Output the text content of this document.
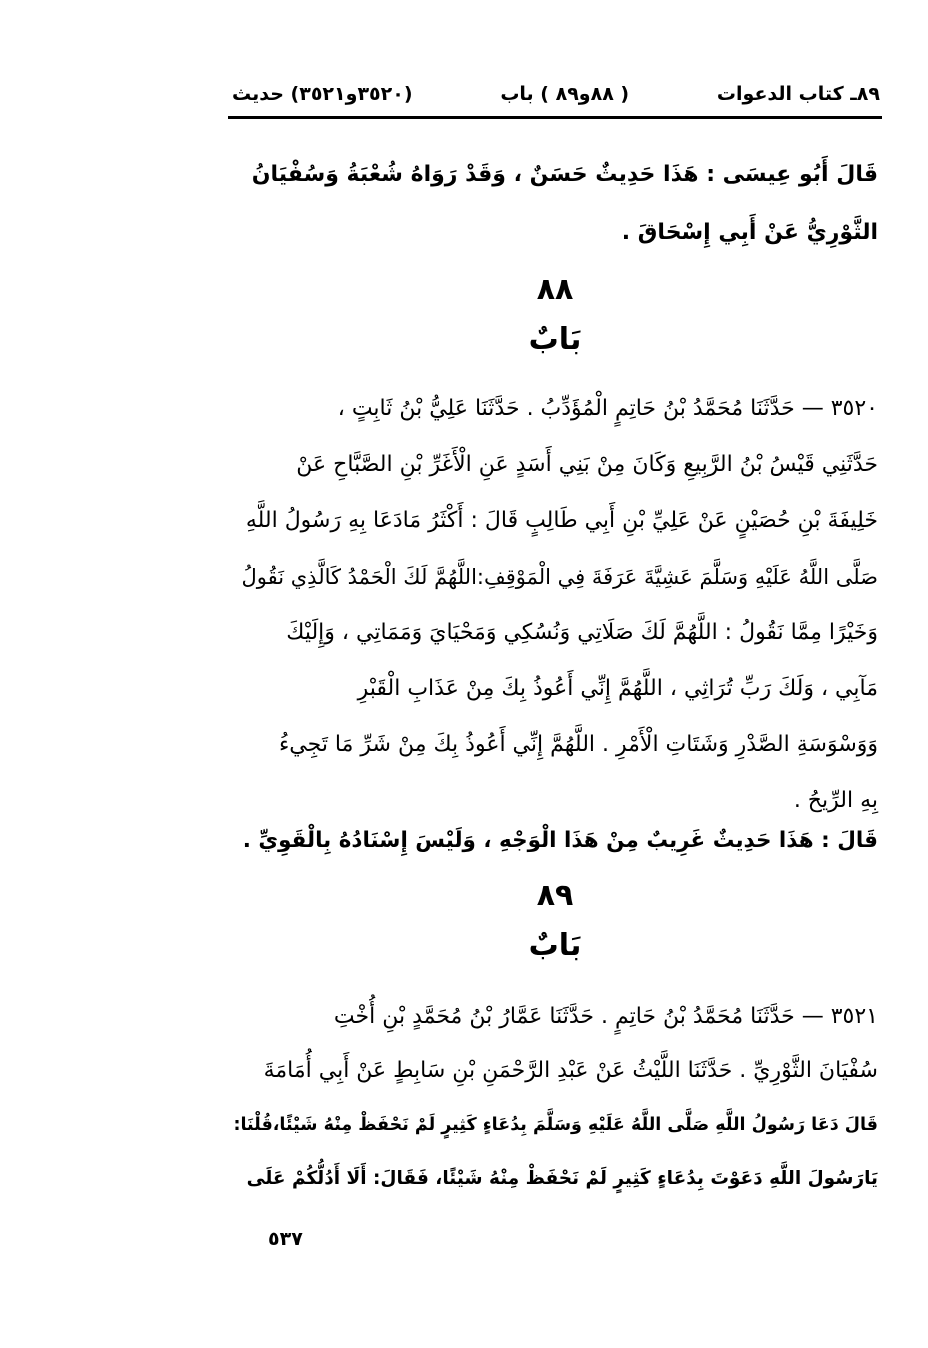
٨٩ـ كتاب الدعوات
( ٨٨و٨٩ ) باب
(٣٥٢٠و٣٥٢١) حديث
قَالَ أَبُو عِيسَى : هَذَا حَدِيثٌ حَسَنٌ ، وَقَدْ رَوَاهُ شُعْبَةُ وَسُفْيَانُ
الثَّوْرِيُّ عَنْ أَبِي إِسْحَاقَ .
٨٨
بَابٌ
٣٥٢٠ — حَدَّثَنَا مُحَمَّدُ بْنُ حَاتِمٍ الْمُؤَدِّبُ . حَدَّثَنَا عَلِيُّ بْنُ ثَابِتٍ ،
حَدَّثَنِي قَيْسُ بْنُ الرَّبِيعِ وَكَانَ مِنْ بَنِي أَسَدٍ عَنِ الْأَغَرِّ بْنِ الصَّبَّاحِ عَنْ
خَلِيفَةَ بْنِ حُصَيْنٍ عَنْ عَلِيِّ بْنِ أَبِي طَالِبٍ قَالَ : أَكْثَرُ مَادَعَا بِهِ رَسُولُ اللَّهِ
صَلَّى اللَّهُ عَلَيْهِ وَسَلَّمَ عَشِيَّةَ عَرَفَةَ فِي الْمَوْقِفِ:اللَّهُمَّ لَكَ الْحَمْدُ كَالَّذِي نَقُولُ
وَخَيْرًا مِمَّا نَقُولُ : اللَّهُمَّ لَكَ صَلَاتِي وَنُسُكِي وَمَحْيَايَ وَمَمَاتِي ، وَإِلَيْكَ
مَآبِي ، وَلَكَ رَبِّ تُرَاثِي ، اللَّهُمَّ إِنِّي أَعُوذُ بِكَ مِنْ عَذَابِ الْقَبْرِ
وَوَسْوَسَةِ الصَّدْرِ وَشَتَاتِ الْأَمْرِ . اللَّهُمَّ إِنِّي أَعُوذُ بِكَ مِنْ شَرِّ مَا تَجِيءُ
بِهِ الرِّيحُ .
قَالَ : هَذَا حَدِيثٌ غَرِيبٌ مِنْ هَذَا الْوَجْهِ ، وَلَيْسَ إِسْنَادُهُ بِالْقَوِيِّ .
٨٩
بَابٌ
٣٥٢١ — حَدَّثَنَا مُحَمَّدُ بْنُ حَاتِمٍ . حَدَّثَنَا عَمَّارُ بْنُ مُحَمَّدٍ بْنِ أُخْتِ
سُفْيَانَ الثَّوْرِيِّ . حَدَّثَنَا اللَّيْثُ عَنْ عَبْدِ الرَّحْمَنِ بْنِ سَابِطٍ عَنْ أَبِي أُمَامَةَ
قَالَ دَعَا رَسُولُ اللَّهِ صَلَّى اللَّهُ عَلَيْهِ وَسَلَّمَ بِدُعَاءٍ كَثِيرٍ لَمْ نَحْفَظْ مِنْهُ شَيْئًا،قُلْنَا:
يَارَسُولَ اللَّهِ دَعَوْتَ بِدُعَاءٍ كَثِيرٍ لَمْ نَحْفَظْ مِنْهُ شَيْئًا، فَقَالَ: أَلَا أَدُلُّكُمْ عَلَى
٥٣٧
